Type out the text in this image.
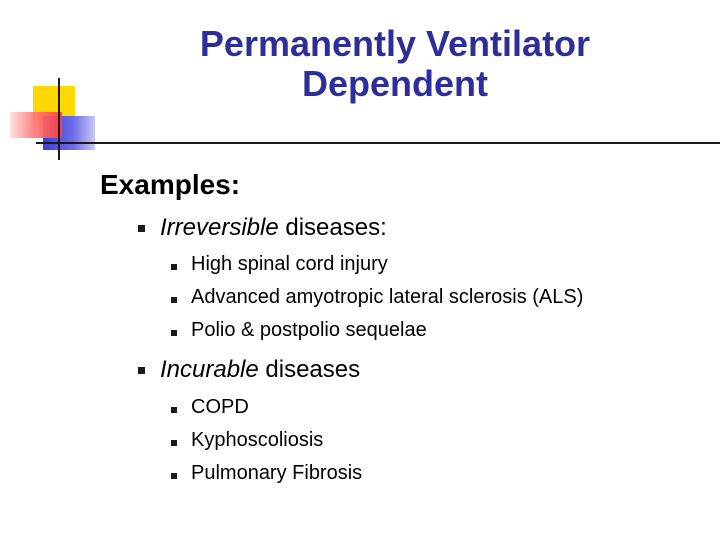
Permanently Ventilator
Dependent
Examples:
Irreversible diseases:
High spinal cord injury
Advanced amyotropic lateral sclerosis (ALS)
Polio & postpolio sequelae
Incurable diseases
COPD
Kyphoscoliosis
Pulmonary Fibrosis
